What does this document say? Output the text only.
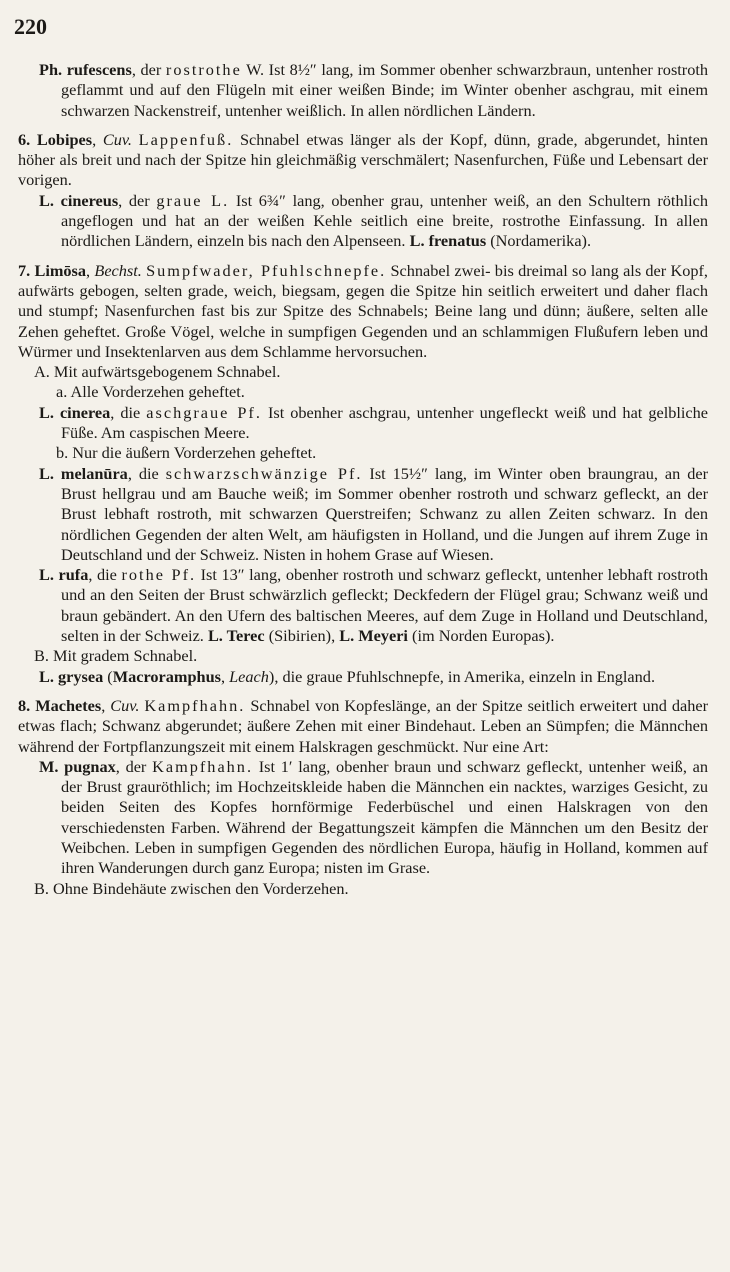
220

Ph. rufescens, der rostrothe W. Ist 8½″ lang, im Sommer obenher schwarzbraun, untenher rostroth geflammt und auf den Flügeln mit einer weißen Binde; im Winter obenher aschgrau, mit einem schwarzen Nackenstreif, untenher weißlich. In allen nördlichen Ländern.

6. Lobipes, Cuv. Lappenfuß. Schnabel etwas länger als der Kopf, dünn, grade, abgerundet, hinten höher als breit und nach der Spitze hin gleichmäßig verschmälert; Nasenfurchen, Füße und Lebensart der vorigen.

L. cinereus, der graue L. Ist 6¾″ lang, obenher grau, untenher weiß, an den Schultern röthlich angeflogen und hat an der weißen Kehle seitlich eine breite, rostrothe Einfassung. In allen nördlichen Ländern, einzeln bis nach den Alpenseen. L. frenatus (Nordamerika).

7. Limōsa, Bechst. Sumpfwader, Pfuhlschnepfe. Schnabel zwei- bis dreimal so lang als der Kopf, aufwärts gebogen, selten grade, weich, biegsam, gegen die Spitze hin seitlich erweitert und daher flach und stumpf; Nasenfurchen fast bis zur Spitze des Schnabels; Beine lang und dünn; äußere, selten alle Zehen geheftet. Große Vögel, welche in sumpfigen Gegenden und an schlammigen Flußufern leben und Würmer und Insektenlarven aus dem Schlamme hervorsuchen.

A. Mit aufwärtsgebogenem Schnabel.

a. Alle Vorderzehen geheftet.

L. cinerea, die aschgraue Pf. Ist obenher aschgrau, untenher ungefleckt weiß und hat gelbliche Füße. Am caspischen Meere.

b. Nur die äußern Vorderzehen geheftet.

L. melanūra, die schwarzschwänzige Pf. Ist 15½″ lang, im Winter oben braungrau, an der Brust hellgrau und am Bauche weiß; im Sommer obenher rostroth und schwarz gefleckt, an der Brust lebhaft rostroth, mit schwarzen Querstreifen; Schwanz zu allen Zeiten schwarz. In den nördlichen Gegenden der alten Welt, am häufigsten in Holland, und die Jungen auf ihrem Zuge in Deutschland und der Schweiz. Nisten in hohem Grase auf Wiesen.

L. rufa, die rothe Pf. Ist 13″ lang, obenher rostroth und schwarz gefleckt, untenher lebhaft rostroth und an den Seiten der Brust schwärzlich gefleckt; Deckfedern der Flügel grau; Schwanz weiß und braun gebändert. An den Ufern des baltischen Meeres, auf dem Zuge in Holland und Deutschland, selten in der Schweiz. L. Terec (Sibirien), L. Meyeri (im Norden Europas).

B. Mit gradem Schnabel.

L. grysea (Macroramphus, Leach), die graue Pfuhlschnepfe, in Amerika, einzeln in England.

8. Machetes, Cuv. Kampfhahn. Schnabel von Kopfeslänge, an der Spitze seitlich erweitert und daher etwas flach; Schwanz abgerundet; äußere Zehen mit einer Bindehaut. Leben an Sümpfen; die Männchen während der Fortpflanzungszeit mit einem Halskragen geschmückt. Nur eine Art:

M. pugnax, der Kampfhahn. Ist 1′ lang, obenher braun und schwarz gefleckt, untenher weiß, an der Brust grauröthlich; im Hochzeitskleide haben die Männchen ein nacktes, warziges Gesicht, zu beiden Seiten des Kopfes hornförmige Federbüschel und einen Halskragen von den verschiedensten Farben. Während der Begattungszeit kämpfen die Männchen um den Besitz der Weibchen. Leben in sumpfigen Gegenden des nördlichen Europa, häufig in Holland, kommen auf ihren Wanderungen durch ganz Europa; nisten im Grase.

B. Ohne Bindehäute zwischen den Vorderzehen.
